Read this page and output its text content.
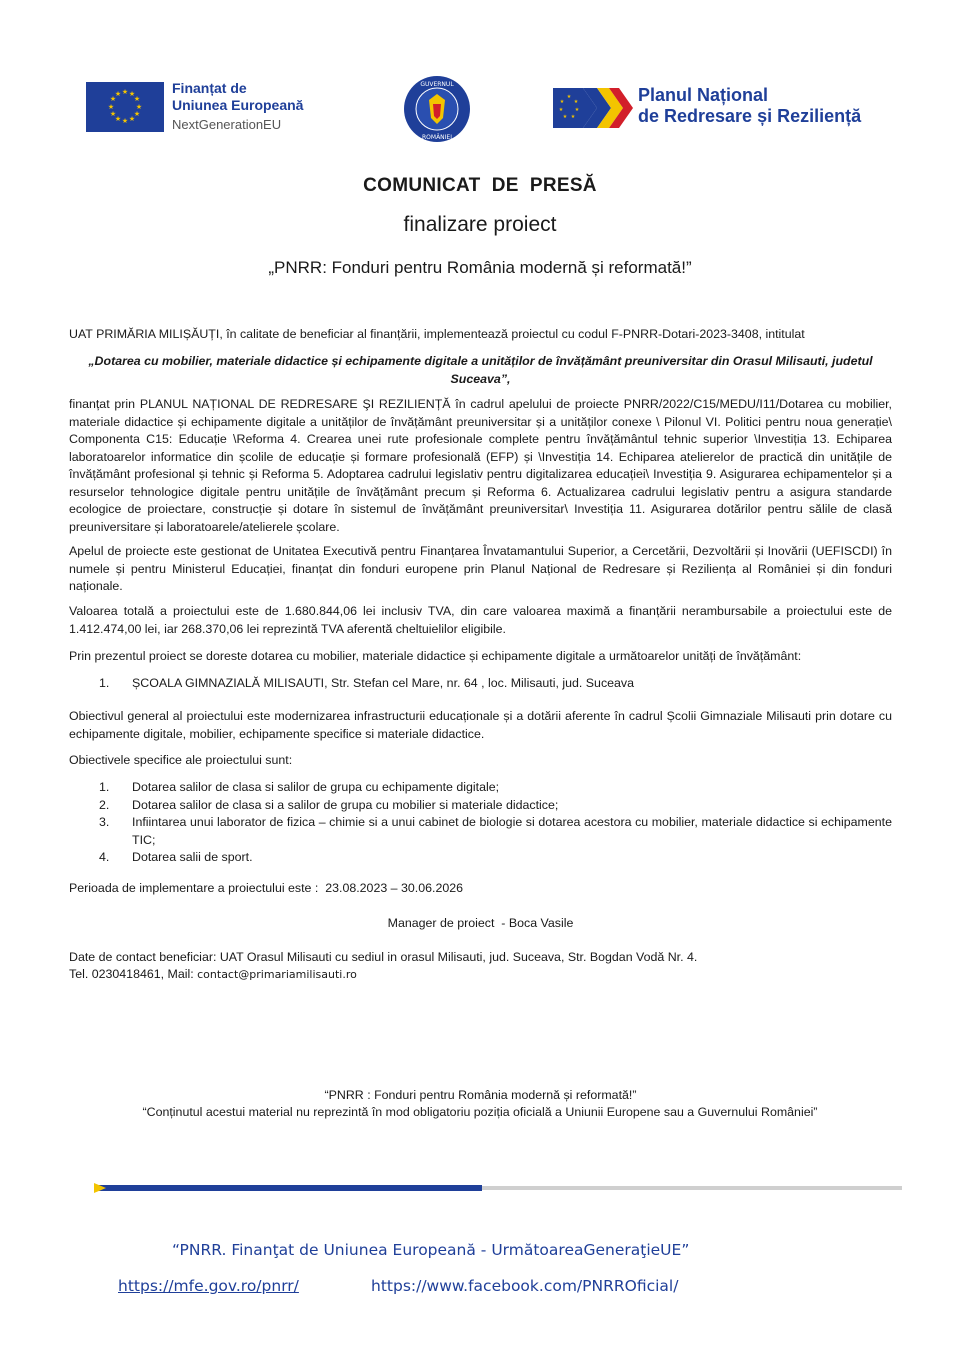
★ ★
★
★
★
★
★
★
★
★
★
★	Finanțat de
Uniunea Europeană
NextGenerationEU
GUVERNUL
ROMÂNIEI
★
★
★
★
★
★
★	Planul Național
de Redresare și Reziliență
COMUNICAT  DE  PRESĂ
finalizare proiect
„PNRR: Fonduri pentru România modernă și reformată!”
UAT PRIMĂRIA MILIȘĂUȚI, în calitate de beneficiar al finanțării, implementează proiectul cu codul F-PNRR-Dotari-2023-3408, intitulat
„Dotarea cu mobilier, materiale didactice și echipamente digitale a unităților de învățământ preuniversitar din Orasul Milisauti, judetul Suceava”,
finanțat prin PLANUL NAȚIONAL DE REDRESARE ŞI REZILIENȚĂ în cadrul apelului de proiecte PNRR/2022/C15/MEDU/I11/Dotarea cu mobilier, materiale didactice și echipamente digitale a unităților de învățământ preuniversitar și a unităților conexe \ Pilonul VI. Politici pentru noua generație\ Componenta C15: Educație \Reforma 4. Crearea unei rute profesionale complete pentru învățământul tehnic superior \Investiția 13. Echiparea laboratoarelor informatice din școlile de educație și formare profesională (EFP) și \Investiția 14. Echiparea atelierelor de practică din unitățile de învățământ profesional și tehnic și Reforma 5. Adoptarea cadrului legislativ pentru digitalizarea educației\ Investiția 9. Asigurarea echipamentelor și a resurselor tehnologice digitale pentru unitățile de învățământ precum și Reforma 6. Actualizarea cadrului legislativ pentru a asigura standarde ecologice de proiectare, construcție și dotare în sistemul de învățământ preuniversitar\ Investiția 11. Asigurarea dotărilor pentru sălile de clasă preuniversitare și laboratoarele/atelierele școlare.
Apelul de proiecte este gestionat de Unitatea Executivă pentru Finanțarea Învatamantului Superior, a Cercetării, Dezvoltării și Inovării (UEFISCDI) în numele și pentru Ministerul Educației, finanțat din fonduri europene prin Planul Național de Redresare și Reziliența al României și din fonduri naționale.
Valoarea totală a proiectului este de 1.680.844,06 lei inclusiv TVA, din care valoarea maximă a finanțării nerambursabile a proiectului este de 1.412.474,00 lei, iar 268.370,06 lei reprezintă TVA aferentă cheltuielilor eligibile.
Prin prezentul proiect se doreste dotarea cu mobilier, materiale didactice și echipamente digitale a următoarelor unități de învățământ:
1. ȘCOALA GIMNAZIALĂ MILISAUTI, Str. Stefan cel Mare, nr. 64 , loc. Milisauti, jud. Suceava
Obiectivul general al proiectului este modernizarea infrastructurii educaționale și a dotării aferente în cadrul Școlii Gimnaziale Milisauti prin dotare cu echipamente digitale, mobilier, echipamente specifice si materiale didactice.
Obiectivele specifice ale proiectului sunt:
1. Dotarea salilor de clasa si salilor de grupa cu echipamente digitale;
2. Dotarea salilor de clasa si a salilor de grupa cu mobilier si materiale didactice;
3. Infiintarea unui laborator de fizica – chimie si a unui cabinet de biologie si dotarea acestora cu mobilier, materiale didactice si echipamente TIC;
4. Dotarea salii de sport.
Perioada de implementare a proiectului este :  23.08.2023 – 30.06.2026
Manager de proiect  - Boca Vasile
Date de contact beneficiar: UAT Orasul Milisauti cu sediul in orasul Milisauti, jud. Suceava, Str. Bogdan Vodă Nr. 4.
Tel. 0230418461, Mail: contact@primariamilisauti.ro
“PNRR : Fonduri pentru România modernă și reformată!”
“Conținutul acestui material nu reprezintă în mod obligatoriu poziția oficială a Uniunii Europene sau a Guvernului României”
“PNRR. Finanţat de Uniunea Europeană - UrmătoareaGeneraţieUE”
https://mfe.gov.ro/pnrr/	https://www.facebook.com/PNRROficial/
